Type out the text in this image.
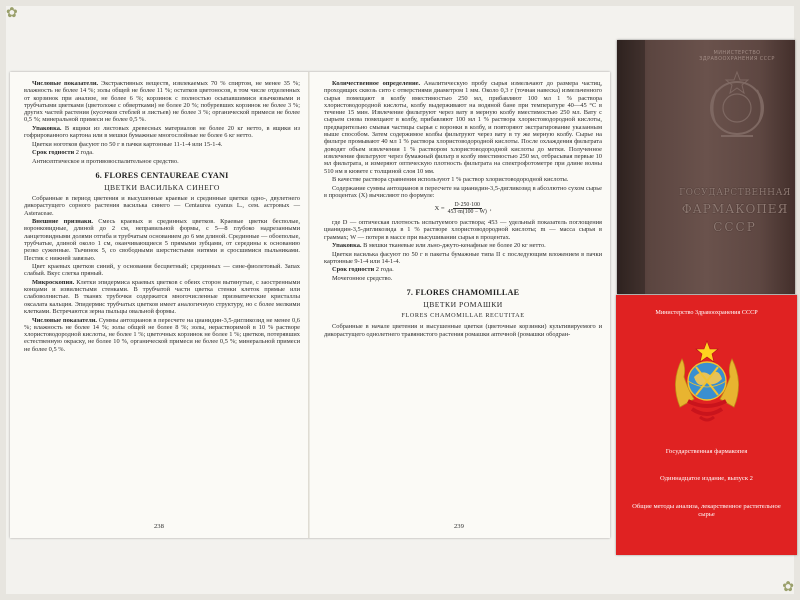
✿
✿

Числовые показатели. Экстрактивных веществ, извлекаемых 70 % спиртом, не менее 35 %; влажность не более 14 %; золы общей не более 11 %; остатков цветоносов, в том числе отделенных от корзинок при анализе, не более 6 %; корзинок с полностью осыпавшимися язычковыми и трубчатыми цветками (цветоложе с обвертками) не более 20 %; побуревших корзинок не более 3 %; других частей растения (кусочков стеблей и листьев) не более 3 %; органической примеси не более 0,5 %; минеральной примеси не более 0,5 %.

Упаковка. В ящики из листовых древесных материалов не более 20 кг нетто, в ящики из гофрированного картона или в мешки бумажные многослойные не более 6 кг нетто.

Цветки ноготков фасуют по 50 г в пачки картонные 11-1-4 или 15-1-4.

Срок годности 2 года.

Антисептическое и противовоспалительное средство.

6. FLORES CENTAUREAE CYANI
ЦВЕТКИ ВАСИЛЬКА СИНЕГО

Собранные в период цветения и высушенные краевые и срединные цветки одно-, двулетнего дикорастущего сорного растения василька синего — Centaurea cyanus L., сем. астровых — Asteraceae.

Внешние признаки. Смесь краевых и срединных цветков. Краевые цветки бесполые, воронковидные, длиной до 2 см, неправильной формы, с 5—8 глубоко надрезанными ланцетовидными долями отгиба и трубчатым основанием до 6 мм длиной. Срединные — обоеполые, трубчатые, длиной около 1 см, оканчивающиеся 5 прямыми зубцами, от середины к основанию резко суженные. Тычинок 5, со свободными шерстистыми нитями и сросшимися пыльниками. Пестик с нижней завязью.

Цвет краевых цветков синий, у основания бесцветный; срединных — сине-фиолетовый. Запах слабый. Вкус слегка пряный.

Микроскопия. Клетки эпидермиса краевых цветков с обеих сторон вытянутые, с заостренными концами и извилистыми стенками. В трубчатой части цветка стенки клеток прямые или слабоволнистые. В тканях трубочки содержатся многочисленные призматические кристаллы оксалата кальция. Эпидермис трубчатых цветков имеет аналогичную структуру, но с более мелкими клетками. Встречаются зерна пыльцы овальной формы.

Числовые показатели. Суммы антоцианов в пересчете на цианидин-3,5-дигликозид не менее 0,6 %; влажность не более 14 %; золы общей не более 8 %; золы, нерастворимой в 10 % растворе хлористоводородной кислоты, не более 1 %; цветочных корзинок не более 1 %; цветков, потерявших естественную окраску, не более 10 %, органической примеси не более 0,5 %; минеральной примеси не более 0,5 %.

238

Количественное определение. Аналитическую пробу сырья измельчают до размера частиц, проходящих сквозь сито с отверстиями диаметром 1 мм. Около 0,3 г (точная навеска) измельченного сырья помещают в колбу вместимостью 250 мл, прибавляют 100 мл 1 % раствора хлористоводородной кислоты, колбу выдерживают на водяной бане при температуре 40—45 °С в течение 15 мин. Извлечение фильтруют через вату в мерную колбу вместимостью 250 мл. Вату с сырьем снова помещают в колбу, прибавляют 100 мл 1 % раствора хлористоводородной кислоты, предварительно смывая частицы сырья с воронки в колбу, и повторяют экстрагирование указанным выше способом. Затем содержимое колбы фильтруют через вату в ту же мерную колбу. Сырье на фильтре промывают 40 мл 1 % раствора хлористоводородной кислоты. После охлаждения фильтрата доводят объем извлечения 1 % раствором хлористоводородной кислоты до метки. Полученное извлечение фильтруют через бумажный фильтр в колбу вместимостью 250 мл, отбрасывая первые 10 мл фильтрата, и измеряют оптическую плотность фильтрата на спектрофотометре при длине волны 510 нм в кювете с толщиной слоя 10 мм.

В качестве раствора сравнения используют 1 % раствор хлористоводородной кислоты.

Содержание суммы антоцианов в пересчете на цианидин-3,5-дигликозид в абсолютно сухом сырье в процентах (X) вычисляют по формуле:

$X = \frac{D\cdot 250\cdot 100}{453\cdot m(100 - W)}$ ,

где D — оптическая плотность испытуемого раствора; 453 — удельный показатель поглощения цианидин-3,5-дигликозида в 1 % растворе хлористоводородной кислоты; m — масса сырья в граммах; W — потеря в массе при высушивании сырья в процентах.

Упаковка. В мешки тканевые или льно-джуто-кенафные не более 20 кг нетто.

Цветки василька фасуют по 50 г в пакеты бумажные типа II с последующим вложением в пачки картонные 9-1-4 или 14-1-4.

Срок годности 2 года.

Мочегонное средство.

7. FLORES CHAMOMILLAE
ЦВЕТКИ РОМАШКИ
FLORES CHAMOMILLAE RECUTITAE

Собранные в начале цветения и высушенные цветки (цветочные корзинки) культивируемого и дикорастущего однолетнего травянистого растения ромашки аптечной (ромашки ободран-

239
МИНИСТЕРСТВО ЗДРАВООХРАНЕНИЯ СССР
ГОСУДАРСТВЕННАЯ
ФАРМАКОПЕЯ
СССР
Министерство Здравоохранения СССР
Государственная фармакопея
Одиннадцатое издание, выпуск 2
Общие методы анализа, лекарственное растительное сырье
